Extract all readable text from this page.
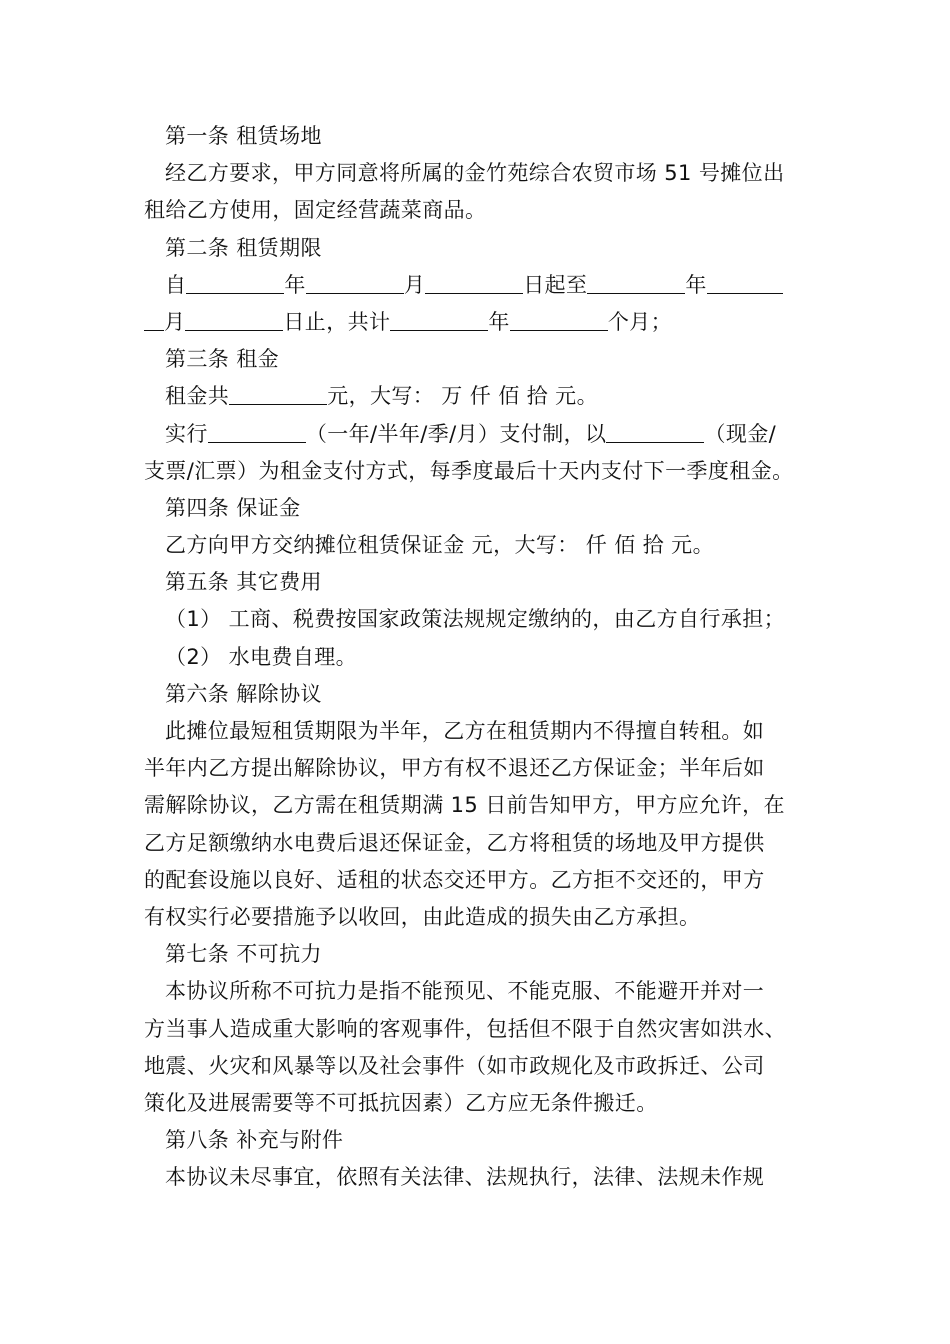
第一条 租赁场地
经乙方要求，甲方同意将所属的金竹苑综合农贸市场 51 号摊位出
租给乙方使用，固定经营蔬菜商品。
第二条 租赁期限
自	年	月	日起至	年
月	日止，共计	年	个月；
第三条 租金
租金共	元，大写： 万 仟 佰 拾 元。
实行	（一年/半年/季/月）支付制，以	（现金/
支票/汇票）为租金支付方式，每季度最后十天内支付下一季度租金。
第四条 保证金
乙方向甲方交纳摊位租赁保证金 元，大写： 仟 佰 拾 元。
第五条 其它费用
（1） 工商、税费按国家政策法规规定缴纳的，由乙方自行承担；
（2） 水电费自理。
第六条 解除协议
此摊位最短租赁期限为半年，乙方在租赁期内不得擅自转租。如
半年内乙方提出解除协议，甲方有权不退还乙方保证金；半年后如
需解除协议，乙方需在租赁期满 15 日前告知甲方，甲方应允许，在
乙方足额缴纳水电费后退还保证金，乙方将租赁的场地及甲方提供
的配套设施以良好、适租的状态交还甲方。乙方拒不交还的，甲方
有权实行必要措施予以收回，由此造成的损失由乙方承担。
第七条 不可抗力
本协议所称不可抗力是指不能预见、不能克服、不能避开并对一
方当事人造成重大影响的客观事件，包括但不限于自然灾害如洪水、
地震、火灾和风暴等以及社会事件（如市政规化及市政拆迁、公司
策化及进展需要等不可抵抗因素）乙方应无条件搬迁。
第八条 补充与附件
本协议未尽事宜，依照有关法律、法规执行，法律、法规未作规
